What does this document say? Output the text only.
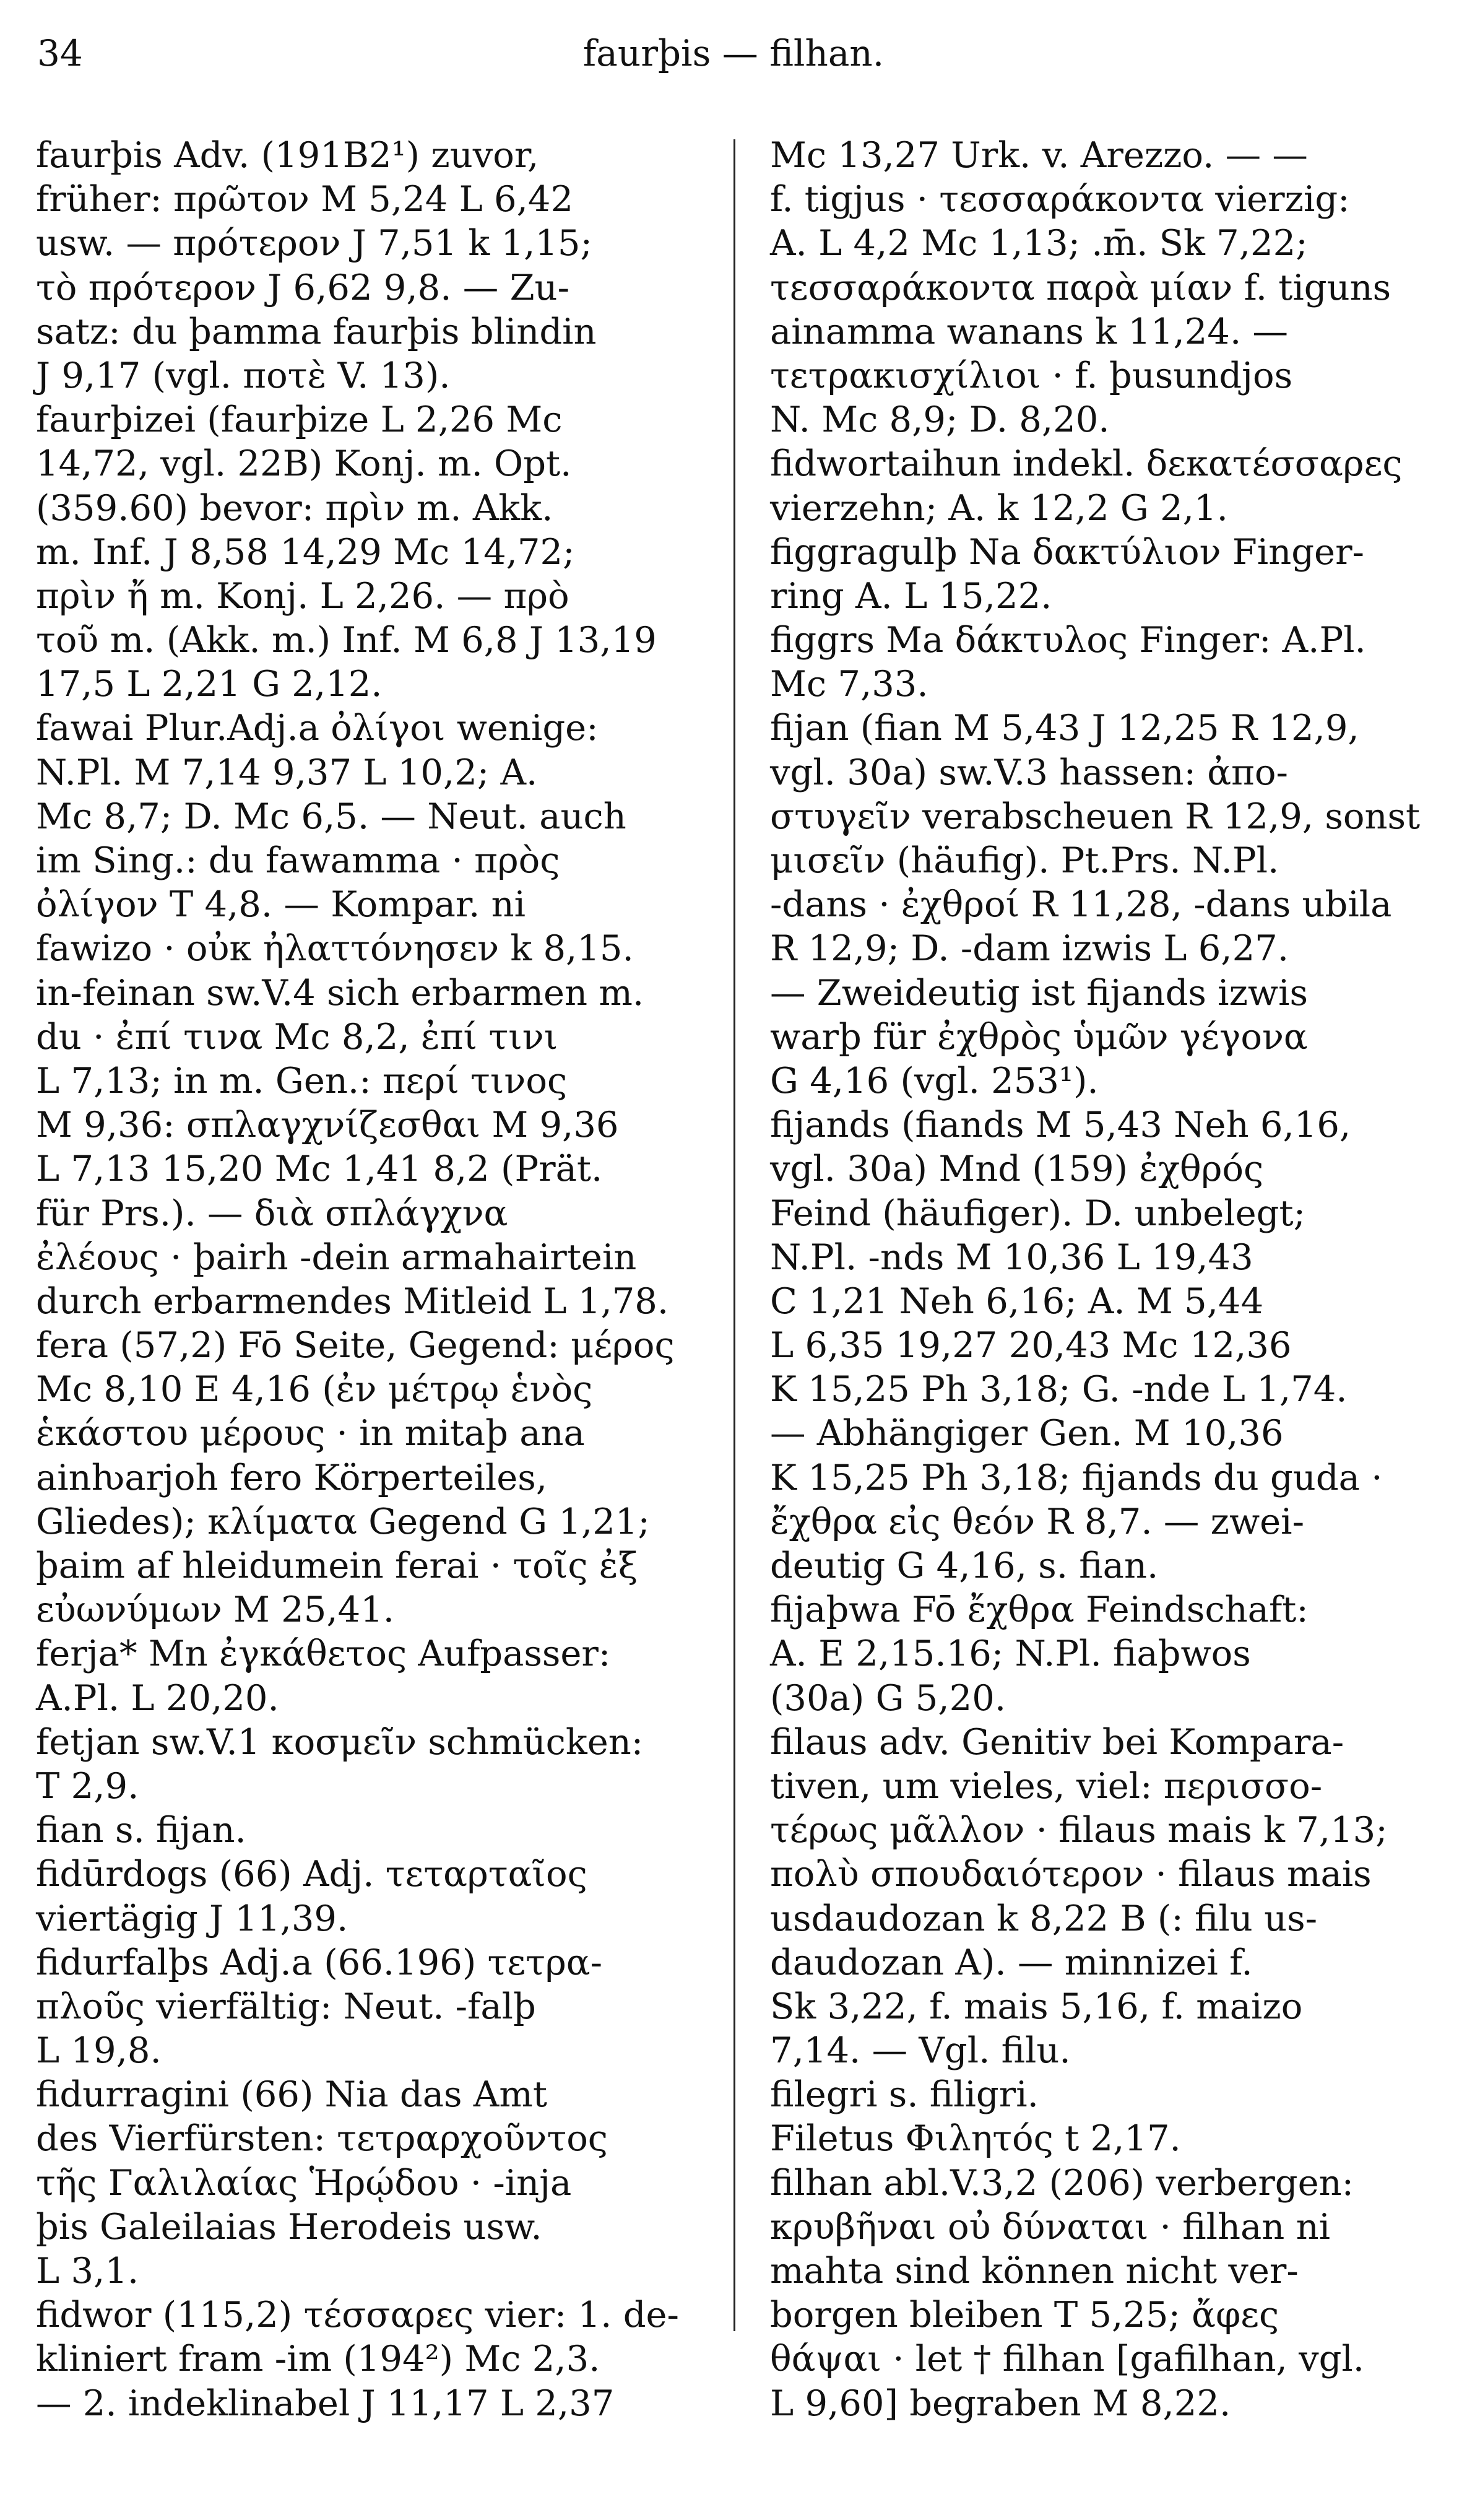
34	faurþis — filhan.
faurþis Adv. (191B2¹) zuvor,
früher: πρῶτον M 5,24 L 6,42
usw. — πρότερον J 7,51 k 1,15;
τὸ πρότερον J 6,62 9,8. — Zu-
satz: du þamma faurþis blindin
J 9,17 (vgl. ποτὲ V. 13).
faurþizei (faurþize L 2,26 Mc
14,72, vgl. 22B) Konj. m. Opt.
(359.60) bevor: πρὶν m. Akk.
m. Inf. J 8,58 14,29 Mc 14,72;
πρὶν ἤ m. Konj. L 2,26. — πρὸ
τοῦ m. (Akk. m.) Inf. M 6,8 J 13,19
17,5 L 2,21 G 2,12.
fawai Plur.Adj.a ὀλίγοι wenige:
N.Pl. M 7,14 9,37 L 10,2; A.
Mc 8,7; D. Mc 6,5. — Neut. auch
im Sing.: du fawamma · πρὸς
ὀλίγον T 4,8. — Kompar. ni
fawizo · οὐκ ἠλαττόνησεν k 8,15.
in-feinan sw.V.4 sich erbarmen m.
du · ἐπί τινα Mc 8,2, ἐπί τινι
L 7,13; in m. Gen.: περί τινος
M 9,36: σπλαγχνίζεσθαι M 9,36
L 7,13 15,20 Mc 1,41 8,2 (Prät.
für Prs.). — διὰ σπλάγχνα
ἐλέους · þairh -dein armahairtein
durch erbarmendes Mitleid L 1,78.
fera (57,2) Fō Seite, Gegend: μέρος
Mc 8,10 E 4,16 (ἐν μέτρῳ ἑνὸς
ἑκάστου μέρους · in mitaþ ana
ainƕarjoh fero Körperteiles,
Gliedes); κλίματα Gegend G 1,21;
þaim af hleidumein ferai · τοῖς ἐξ
εὐωνύμων M 25,41.
ferja* Mn ἐγκάθετος Aufpasser:
A.Pl. L 20,20.
fetjan sw.V.1 κοσμεῖν schmücken:
T 2,9.
fian s. fijan.
fidūrdogs (66) Adj. τεταρταῖος
viertägig J 11,39.
fidurfalþs Adj.a (66.196) τετρα-
πλοῦς vierfältig: Neut. -falþ
L 19,8.
fidurragini (66) Nia das Amt
des Vierfürsten: τετραρχοῦντος
τῆς Γαλιλαίας Ἡρῴδου · -inja
þis Galeilaias Herodeis usw.
L 3,1.
fidwor (115,2) τέσσαρες vier: 1. de-
kliniert fram -im (194²) Mc 2,3.
— 2. indeklinabel J 11,17 L 2,37
Mc 13,27 Urk. v. Arezzo. — —
f. tigjus · τεσσαράκοντα vierzig:
A. L 4,2 Mc 1,13; .m̄. Sk 7,22;
τεσσαράκοντα παρὰ μίαν f. tiguns
ainamma wanans k 11,24. —
τετρακισχίλιοι · f. þusundjos
N. Mc 8,9; D. 8,20.
fidwortaihun indekl. δεκατέσσαρες
vierzehn; A. k 12,2 G 2,1.
figgragulþ Na δακτύλιον Finger-
ring A. L 15,22.
figgrs Ma δάκτυλος Finger: A.Pl.
Mc 7,33.
fijan (fian M 5,43 J 12,25 R 12,9,
vgl. 30a) sw.V.3 hassen: ἀπο-
στυγεῖν verabscheuen R 12,9, sonst
μισεῖν (häufig). Pt.Prs. N.Pl.
-dans · ἐχθροί R 11,28, -dans ubila
R 12,9; D. -dam izwis L 6,27.
— Zweideutig ist fijands izwis
warþ für ἐχθρὸς ὑμῶν γέγονα
G 4,16 (vgl. 253¹).
fijands (fiands M 5,43 Neh 6,16,
vgl. 30a) Mnd (159) ἐχθρός
Feind (häufiger). D. unbelegt;
N.Pl. -nds M 10,36 L 19,43
C 1,21 Neh 6,16; A. M 5,44
L 6,35 19,27 20,43 Mc 12,36
K 15,25 Ph 3,18; G. -nde L 1,74.
— Abhängiger Gen. M 10,36
K 15,25 Ph 3,18; fijands du guda ·
ἔχθρα εἰς θεόν R 8,7. — zwei-
deutig G 4,16, s. fian.
fijaþwa Fō ἔχθρα Feindschaft:
A. E 2,15.16; N.Pl. fiaþwos
(30a) G 5,20.
filaus adv. Genitiv bei Kompara-
tiven, um vieles, viel: περισσο-
τέρως μᾶλλον · filaus mais k 7,13;
πολὺ σπουδαιότερον · filaus mais
usdaudozan k 8,22 B (: filu us-
daudozan A). — minnizei f.
Sk 3,22, f. mais 5,16, f. maizo
7,14. — Vgl. filu.
filegri s. filigri.
Filetus Φιλητός t 2,17.
filhan abl.V.3,2 (206) verbergen:
κρυβῆναι οὐ δύναται · filhan ni
mahta sind können nicht ver-
borgen bleiben T 5,25; ἄφες
θάψαι · let † filhan [gafilhan, vgl.
L 9,60] begraben M 8,22.
